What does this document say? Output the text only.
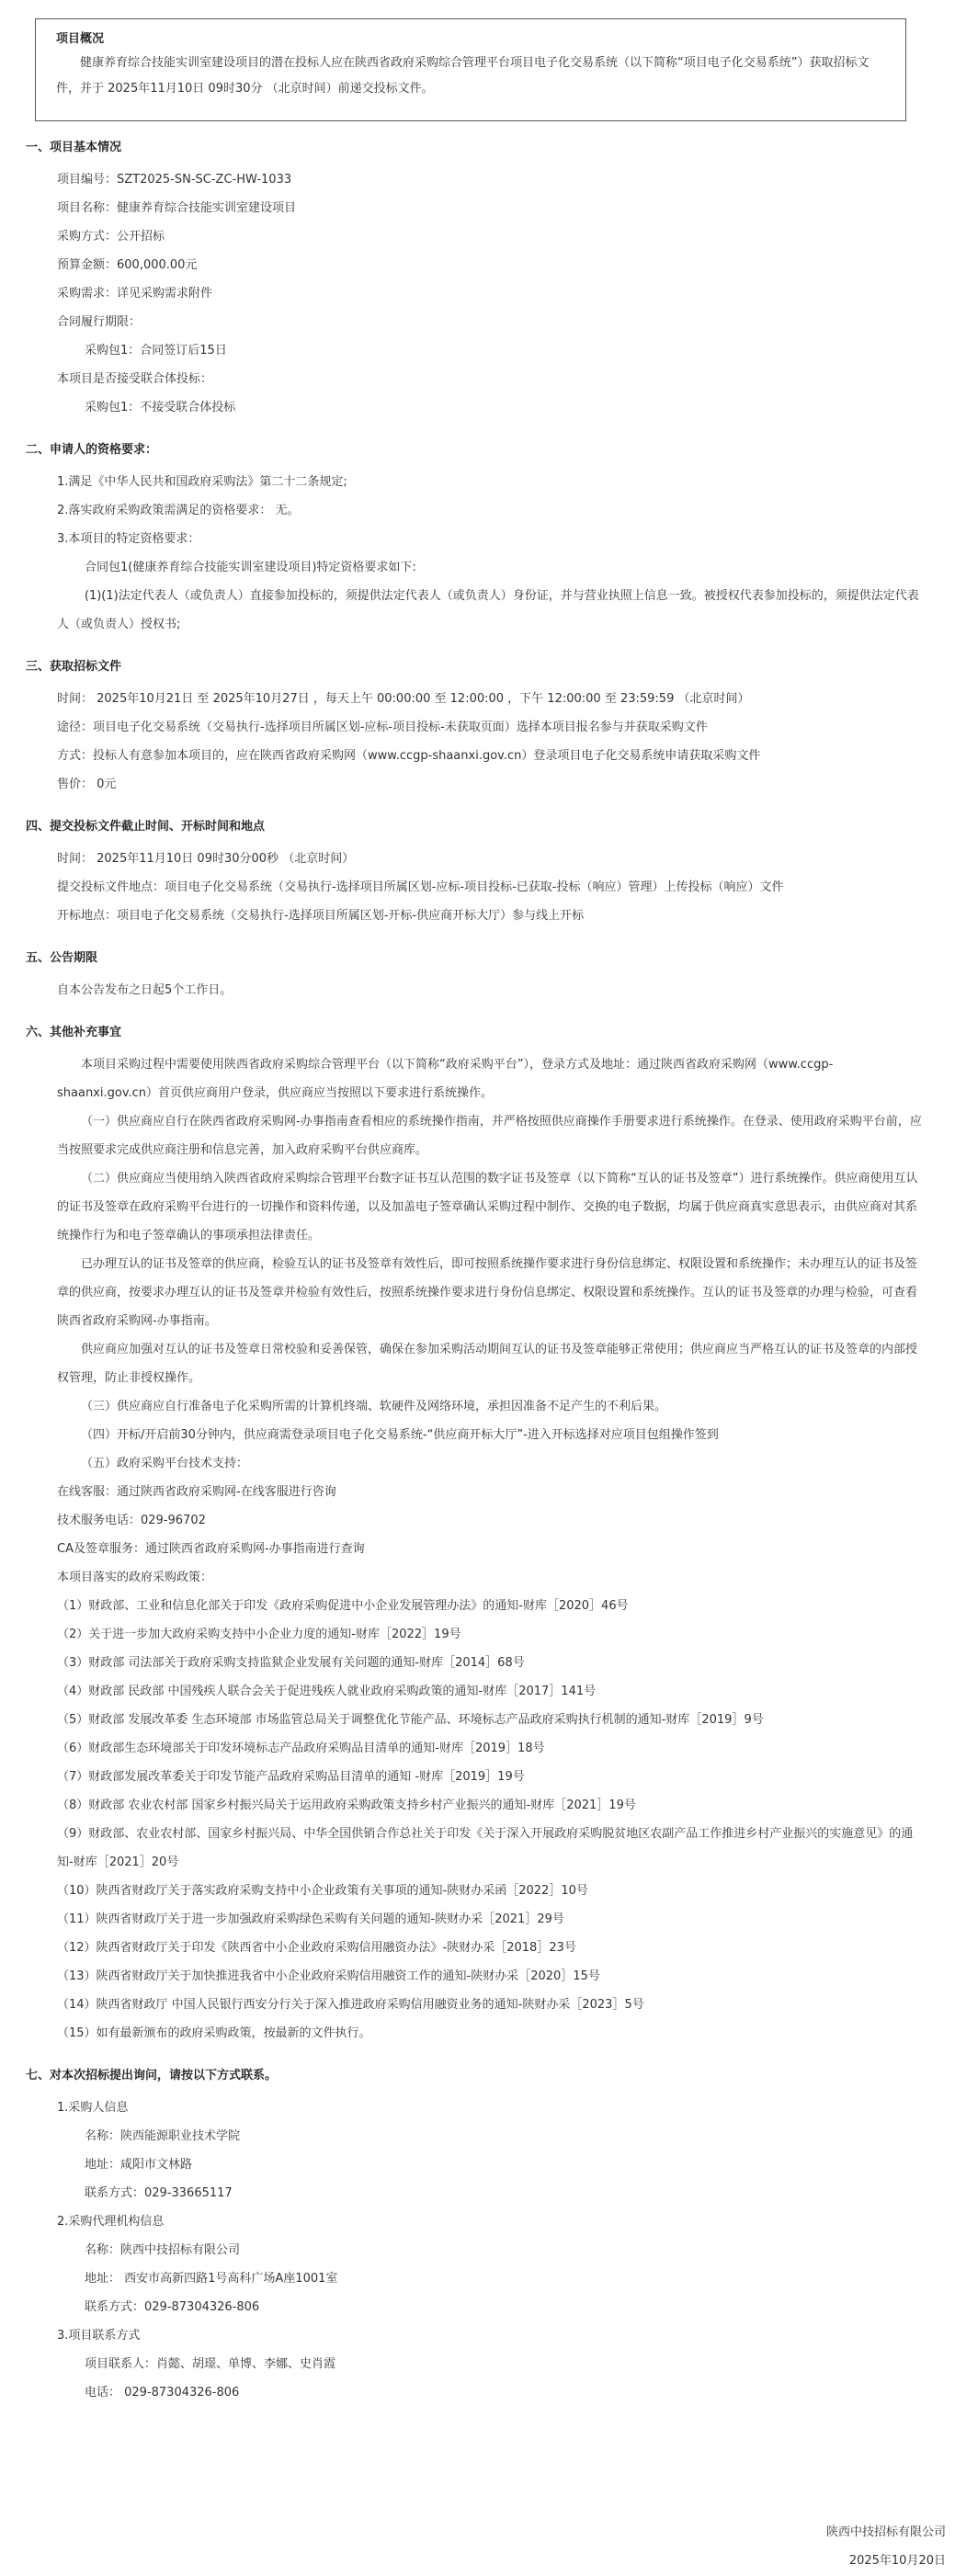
项目概况
健康养育综合技能实训室建设项目的潜在投标人应在陕西省政府采购综合管理平台项目电子化交易系统（以下简称“项目电子化交易系统”）获取招标文件，并于 2025年11月10日 09时30分 （北京时间）前递交投标文件。
一、项目基本情况
项目编号：SZT2025-SN-SC-ZC-HW-1033
项目名称：健康养育综合技能实训室建设项目
采购方式：公开招标
预算金额：600,000.00元
采购需求：详见采购需求附件
合同履行期限：
采购包1：合同签订后15日
本项目是否接受联合体投标：
采购包1：不接受联合体投标
二、申请人的资格要求：
1.满足《中华人民共和国政府采购法》第二十二条规定;
2.落实政府采购政策需满足的资格要求： 无。
3.本项目的特定资格要求：
合同包1(健康养育综合技能实训室建设项目)特定资格要求如下:
(1)(1)法定代表人（或负责人）直接参加投标的，须提供法定代表人（或负责人）身份证，并与营业执照上信息一致。被授权代表参加投标的，须提供法定代表人（或负责人）授权书;
三、获取招标文件
时间： 2025年10月21日 至 2025年10月27日 ，每天上午 00:00:00 至 12:00:00 ，下午 12:00:00 至 23:59:59 （北京时间）
途径：项目电子化交易系统（交易执行-选择项目所属区划-应标-项目投标-未获取页面）选择本项目报名参与并获取采购文件
方式：投标人有意参加本项目的，应在陕西省政府采购网（www.ccgp-shaanxi.gov.cn）登录项目电子化交易系统申请获取采购文件
售价： 0元
四、提交投标文件截止时间、开标时间和地点
时间： 2025年11月10日 09时30分00秒 （北京时间）
提交投标文件地点：项目电子化交易系统（交易执行-选择项目所属区划-应标-项目投标-已获取-投标（响应）管理）上传投标（响应）文件
开标地点：项目电子化交易系统（交易执行-选择项目所属区划-开标-供应商开标大厅）参与线上开标
五、公告期限
自本公告发布之日起5个工作日。
六、其他补充事宜
本项目采购过程中需要使用陕西省政府采购综合管理平台（以下简称“政府采购平台”），登录方式及地址：通过陕西省政府采购网（www.ccgp-shaanxi.gov.cn）首页供应商用户登录，供应商应当按照以下要求进行系统操作。
（一）供应商应自行在陕西省政府采购网-办事指南查看相应的系统操作指南，并严格按照供应商操作手册要求进行系统操作。在登录、使用政府采购平台前，应当按照要求完成供应商注册和信息完善，加入政府采购平台供应商库。
（二）供应商应当使用纳入陕西省政府采购综合管理平台数字证书互认范围的数字证书及签章（以下简称“互认的证书及签章”）进行系统操作。供应商使用互认的证书及签章在政府采购平台进行的一切操作和资料传递，以及加盖电子签章确认采购过程中制作、交换的电子数据，均属于供应商真实意思表示，由供应商对其系统操作行为和电子签章确认的事项承担法律责任。
已办理互认的证书及签章的供应商，检验互认的证书及签章有效性后，即可按照系统操作要求进行身份信息绑定、权限设置和系统操作；未办理互认的证书及签章的供应商，按要求办理互认的证书及签章并检验有效性后，按照系统操作要求进行身份信息绑定、权限设置和系统操作。互认的证书及签章的办理与检验，可查看陕西省政府采购网-办事指南。
供应商应加强对互认的证书及签章日常校验和妥善保管，确保在参加采购活动期间互认的证书及签章能够正常使用；供应商应当严格互认的证书及签章的内部授权管理，防止非授权操作。
（三）供应商应自行准备电子化采购所需的计算机终端、软硬件及网络环境，承担因准备不足产生的不利后果。
（四）开标/开启前30分钟内，供应商需登录项目电子化交易系统-“供应商开标大厅”-进入开标选择对应项目包组操作签到
（五）政府采购平台技术支持：
在线客服：通过陕西省政府采购网-在线客服进行咨询
技术服务电话：029-96702
CA及签章服务：通过陕西省政府采购网-办事指南进行查询
本项目落实的政府采购政策：
（1）财政部、工业和信息化部关于印发《政府采购促进中小企业发展管理办法》的通知-财库［2020］46号
（2）关于进一步加大政府采购支持中小企业力度的通知-财库［2022］19号
（3）财政部 司法部关于政府采购支持监狱企业发展有关问题的通知-财库［2014］68号
（4）财政部 民政部 中国残疾人联合会关于促进残疾人就业政府采购政策的通知-财库［2017］141号
（5）财政部 发展改革委 生态环境部 市场监管总局关于调整优化节能产品、环境标志产品政府采购执行机制的通知-财库［2019］9号
（6）财政部生态环境部关于印发环境标志产品政府采购品目清单的通知-财库［2019］18号
（7）财政部发展改革委关于印发节能产品政府采购品目清单的通知 -财库［2019］19号
（8）财政部 农业农村部 国家乡村振兴局关于运用政府采购政策支持乡村产业振兴的通知-财库［2021］19号
（9）财政部、农业农村部、国家乡村振兴局、中华全国供销合作总社关于印发《关于深入开展政府采购脱贫地区农副产品工作推进乡村产业振兴的实施意见》的通知-财库［2021］20号
（10）陕西省财政厅关于落实政府采购支持中小企业政策有关事项的通知-陕财办采函［2022］10号
（11）陕西省财政厅关于进一步加强政府采购绿色采购有关问题的通知-陕财办采［2021］29号
（12）陕西省财政厅关于印发《陕西省中小企业政府采购信用融资办法》-陕财办采［2018］23号
（13）陕西省财政厅关于加快推进我省中小企业政府采购信用融资工作的通知-陕财办采［2020］15号
（14）陕西省财政厅 中国人民银行西安分行关于深入推进政府采购信用融资业务的通知-陕财办采［2023］5号
（15）如有最新颁布的政府采购政策，按最新的文件执行。
七、对本次招标提出询问，请按以下方式联系。
1.采购人信息
名称：陕西能源职业技术学院
地址：咸阳市文林路
联系方式：029-33665117
2.采购代理机构信息
名称：陕西中技招标有限公司
地址： 西安市高新四路1号高科广场A座1001室
联系方式：029-87304326-806
3.项目联系方式
项目联系人：肖懿、胡璟、单博、李娜、史肖霞
电话： 029-87304326-806
陕西中技招标有限公司
2025年10月20日
